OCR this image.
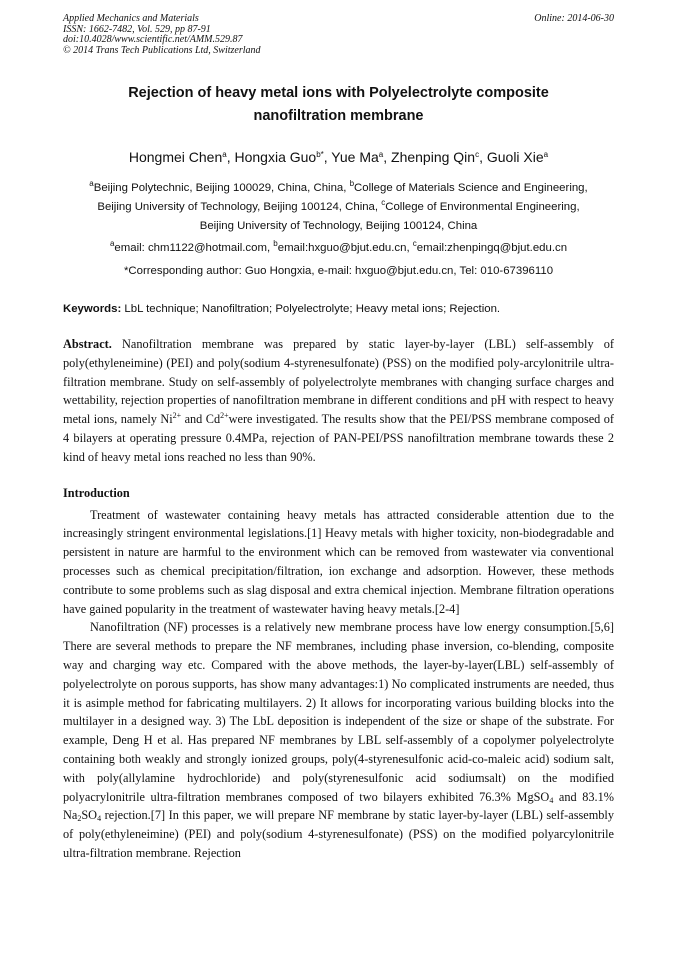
Applied Mechanics and Materials
ISSN: 1662-7482, Vol. 529, pp 87-91
doi:10.4028/www.scientific.net/AMM.529.87
© 2014 Trans Tech Publications Ltd, Switzerland
Online: 2014-06-30
Rejection of heavy metal ions with Polyelectrolyte composite
nanofiltration membrane
Hongmei Chen$^a$, Hongxia Guo$^{b*}$, Yue Ma$^a$, Zhenping Qin$^c$, Guoli Xie$^a$
$^a$Beijing Polytechnic, Beijing 100029, China, China, $^b$College of Materials Science and Engineering,
Beijing University of Technology, Beijing 100124, China, $^c$College of Environmental Engineering,
Beijing University of Technology, Beijing 100124, China
$^a$email: chm1122@hotmail.com, $^b$email:hxguo@bjut.edu.cn, $^c$email:zhenpingq@bjut.edu.cn
*Corresponding author: Guo Hongxia, e-mail: hxguo@bjut.edu.cn, Tel: 010-67396110
Keywords: LbL technique; Nanofiltration; Polyelectrolyte; Heavy metal ions; Rejection.
Abstract. Nanofiltration membrane was prepared by static layer-by-layer (LBL) self-assembly of poly(ethyleneimine) (PEI) and poly(sodium 4-styrenesulfonate) (PSS) on the modified poly-arcylonitrile ultra-filtration membrane. Study on self-assembly of polyelectrolyte membranes with changing surface charges and wettability, rejection properties of nanofiltration membrane in different conditions and pH with respect to heavy metal ions, namely $Ni^{2+}$ and $Cd^{2+}were$ investigated. The results show that the PEI/PSS membrane composed of 4 bilayers at operating pressure 0.4MPa, rejection of PAN-PEI/PSS nanofiltration membrane towards these 2 kind of heavy metal ions reached no less than 90%.
Introduction

Treatment of wastewater containing heavy metals has attracted considerable attention due to the increasingly stringent environmental legislations.[1] Heavy metals with higher toxicity, non-biodegradable and persistent in nature are harmful to the environment which can be removed from wastewater via conventional processes such as chemical precipitation/filtration, ion exchange and adsorption. However, these methods contribute to some problems such as slag disposal and extra chemical injection. Membrane filtration operations have gained popularity in the treatment of wastewater having heavy metals.[2-4]

Nanofiltration (NF) processes is a relatively new membrane process have low energy consumption.[5,6] There are several methods to prepare the NF membranes, including phase inversion, co-blending, composite way and charging way etc. Compared with the above methods, the layer-by-layer(LBL) self-assembly of polyelectrolyte on porous supports, has show many advantages:1) No complicated instruments are needed, thus it is asimple method for fabricating multilayers. 2) It allows for incorporating various building blocks into the multilayer in a designed way. 3) The LbL deposition is independent of the size or shape of the substrate. For example, Deng H et al. Has prepared NF membranes by LBL self-assembly of a copolymer polyelectrolyte containing both weakly and strongly ionized groups, poly(4-styrenesulfonic acid-co-maleic acid) sodium salt, with poly(allylamine hydrochloride) and poly(styrenesulfonic acid sodiumsalt) on the modified polyacrylonitrile ultra-filtration membranes composed of two bilayers exhibited 76.3% MgSO$_4$ and 83.1% $Na_2SO_4$ rejection.[7] In this paper, we will prepare NF membrane by static layer-by-layer (LBL) self-assembly of poly(ethyleneimine) (PEI) and poly(sodium 4-styrenesulfonate) (PSS) on the modified polyarcylonitrile ultra-filtration membrane. Rejection
